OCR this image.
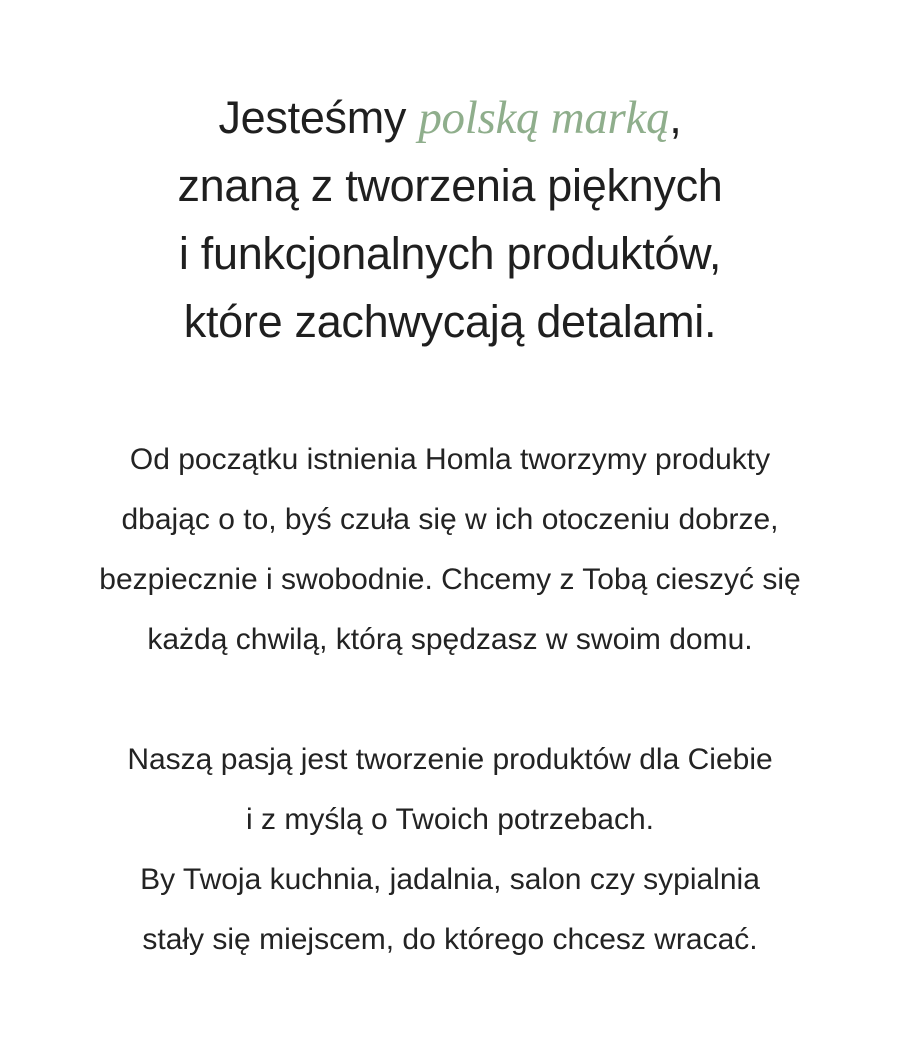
Jesteśmy polską marką,
znaną z tworzenia pięknych
i funkcjonalnych produktów,
które zachwycają detalami.

Od początku istnienia Homla tworzymy produkty
dbając o to, byś czuła się w ich otoczeniu dobrze,
bezpiecznie i swobodnie. Chcemy z Tobą cieszyć się
każdą chwilą, którą spędzasz w swoim domu.

Naszą pasją jest tworzenie produktów dla Ciebie
i z myślą o Twoich potrzebach.
By Twoja kuchnia, jadalnia, salon czy sypialnia
stały się miejscem, do którego chcesz wracać.
